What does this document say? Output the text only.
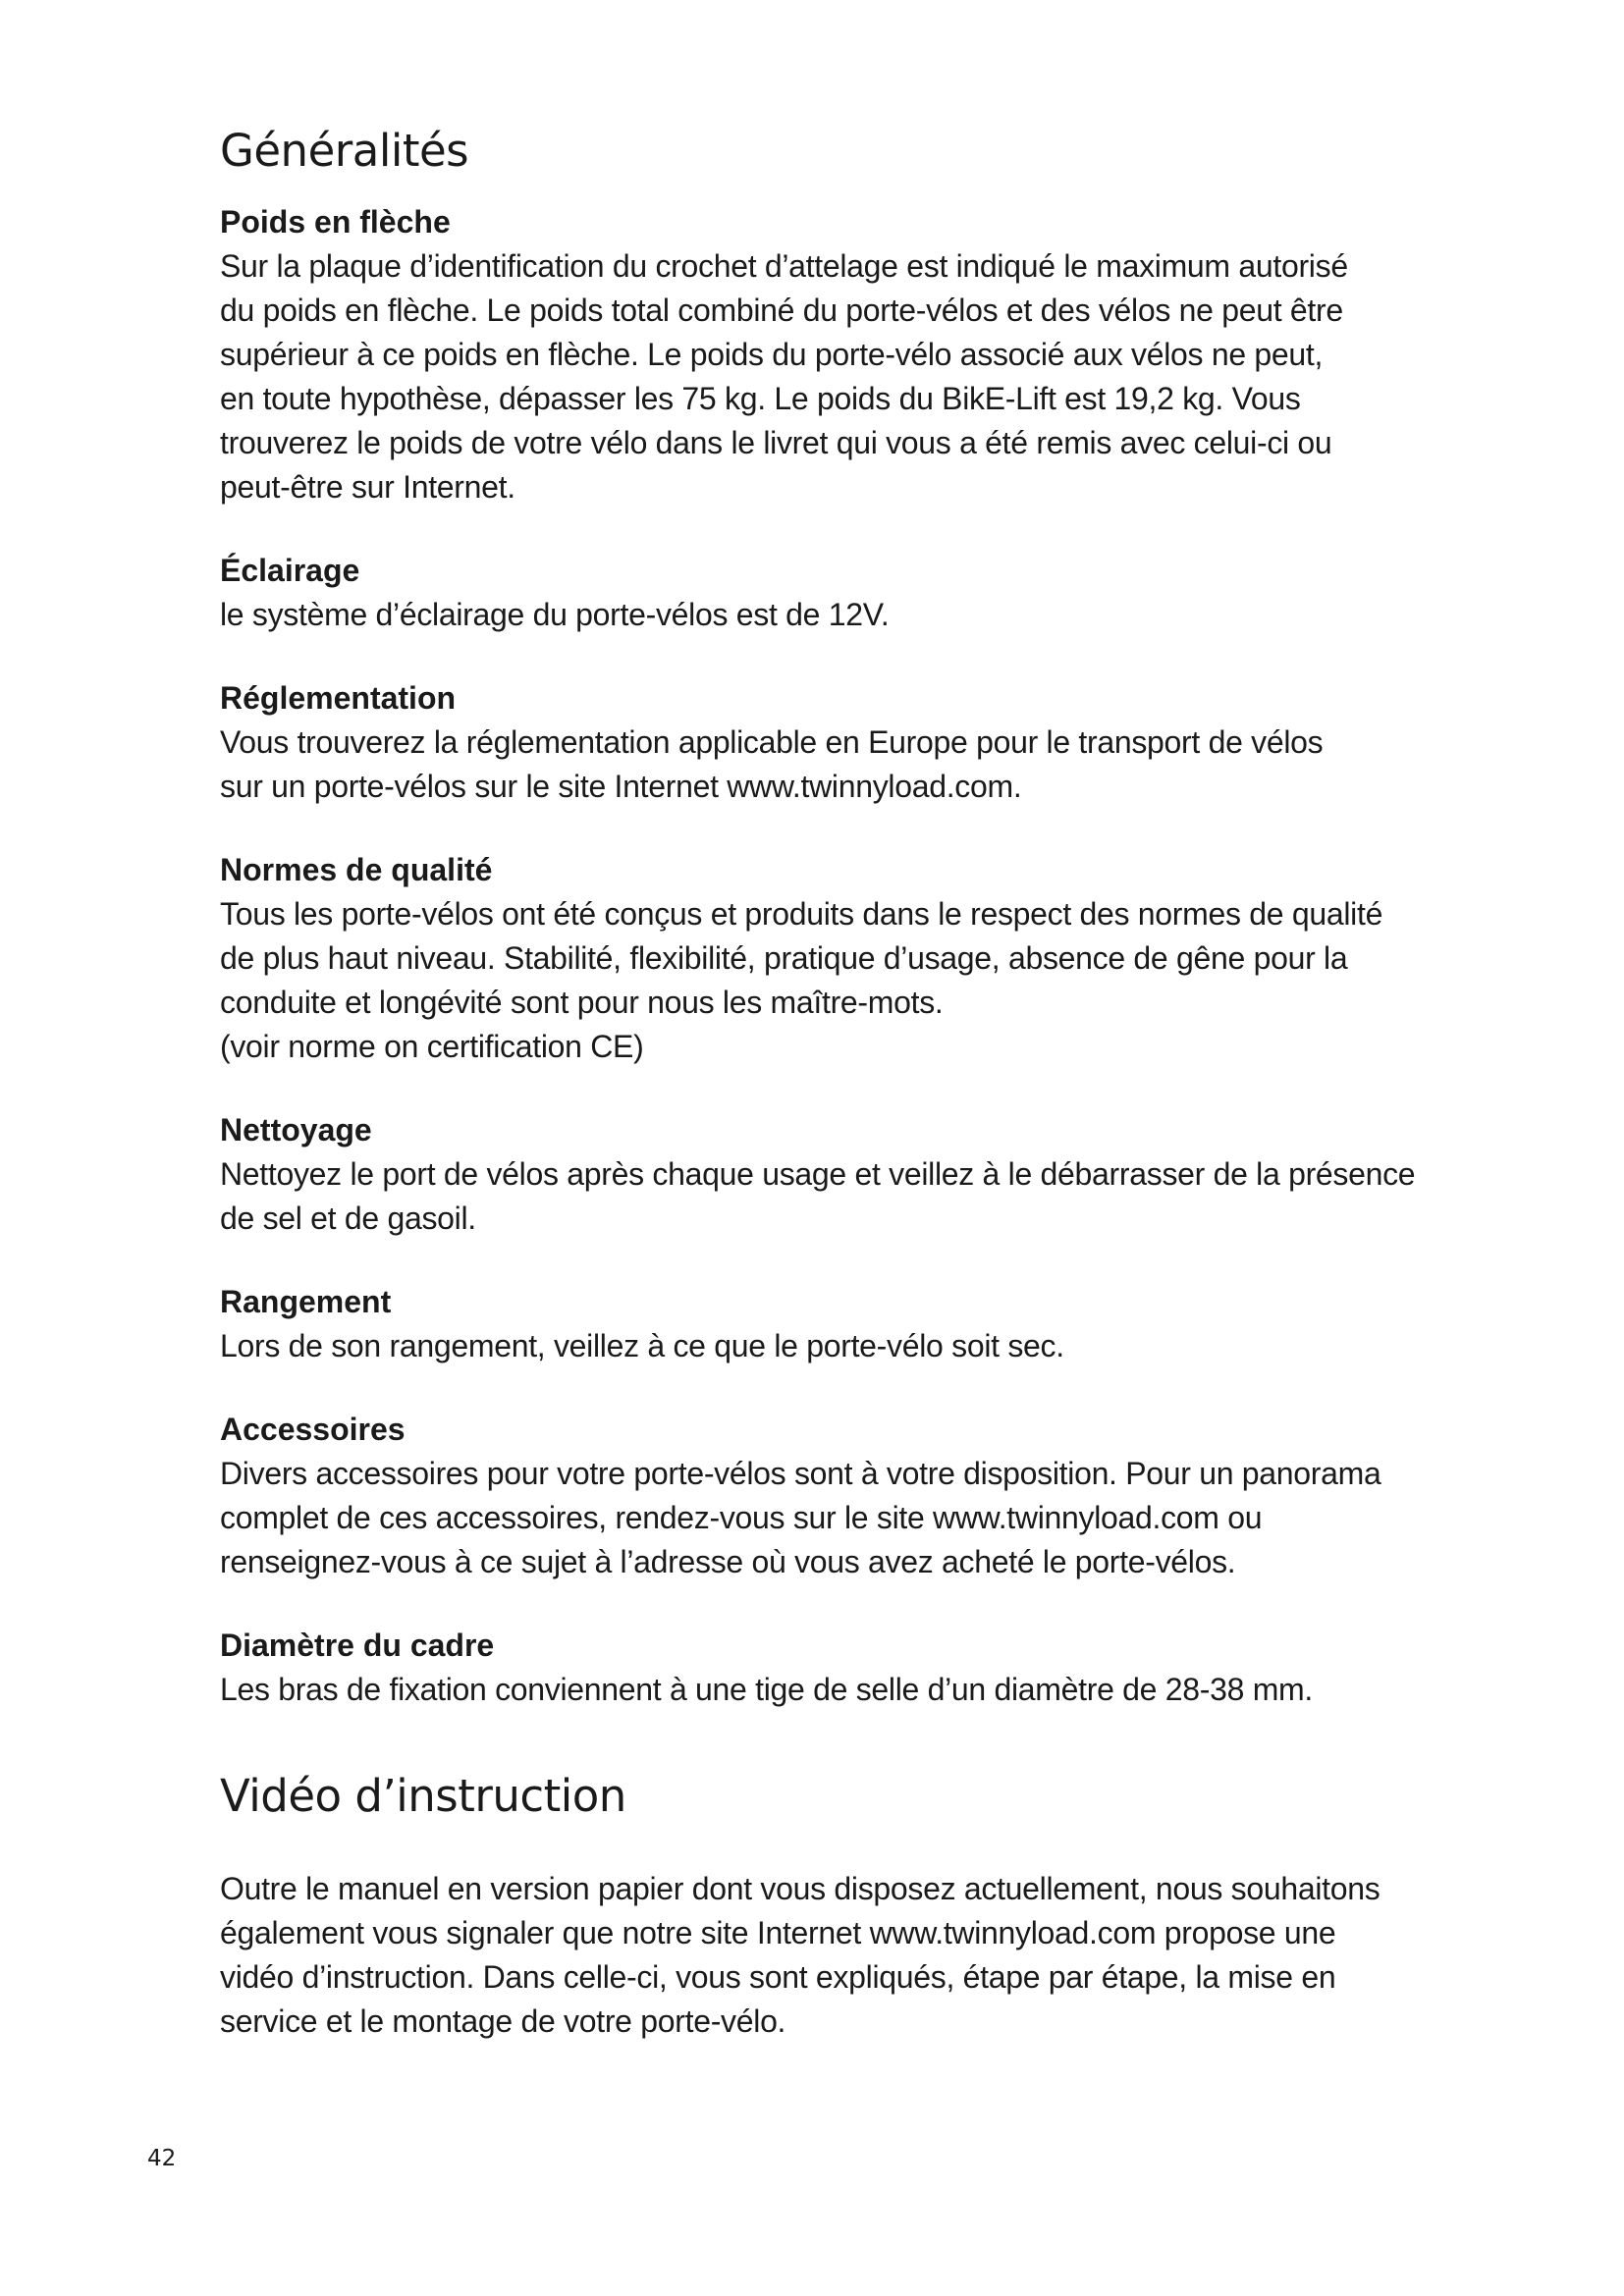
Généralités
Poids en flèche

Sur la plaque d’identification du crochet d’attelage est indiqué le maximum autorisé
du poids en flèche. Le poids total combiné du porte-vélos et des vélos ne peut être
supérieur à ce poids en flèche. Le poids du porte-vélo associé aux vélos ne peut,
en toute hypothèse, dépasser les 75 kg. Le poids du BikE-Lift est 19,2 kg. Vous
trouverez le poids de votre vélo dans le livret qui vous a été remis avec celui-ci ou
peut-être sur Internet.

Éclairage

le système d’éclairage du porte-vélos est de 12V.

Réglementation

Vous trouverez la réglementation applicable en Europe pour le transport de vélos
sur un porte-vélos sur le site Internet www.twinnyload.com.

Normes de qualité

Tous les porte-vélos ont été conçus et produits dans le respect des normes de qualité
de plus haut niveau. Stabilité, flexibilité, pratique d’usage, absence de gêne pour la
conduite et longévité sont pour nous les maître-mots.
(voir norme on certification CE)

Nettoyage

Nettoyez le port de vélos après chaque usage et veillez à le débarrasser de la présence
de sel et de gasoil.

Rangement

Lors de son rangement, veillez à ce que le porte-vélo soit sec.

Accessoires

Divers accessoires pour votre porte-vélos sont à votre disposition. Pour un panorama
complet de ces accessoires, rendez-vous sur le site www.twinnyload.com ou
renseignez-vous à ce sujet à l’adresse où vous avez acheté le porte-vélos.

Diamètre du cadre

Les bras de fixation conviennent à une tige de selle d’un diamètre de 28-38 mm.

Vidéo d’instruction

Outre le manuel en version papier dont vous disposez actuellement, nous souhaitons
également vous signaler que notre site Internet www.twinnyload.com propose une
vidéo d’instruction. Dans celle-ci, vous sont expliqués, étape par étape, la mise en
service et le montage de votre porte-vélo.

42
